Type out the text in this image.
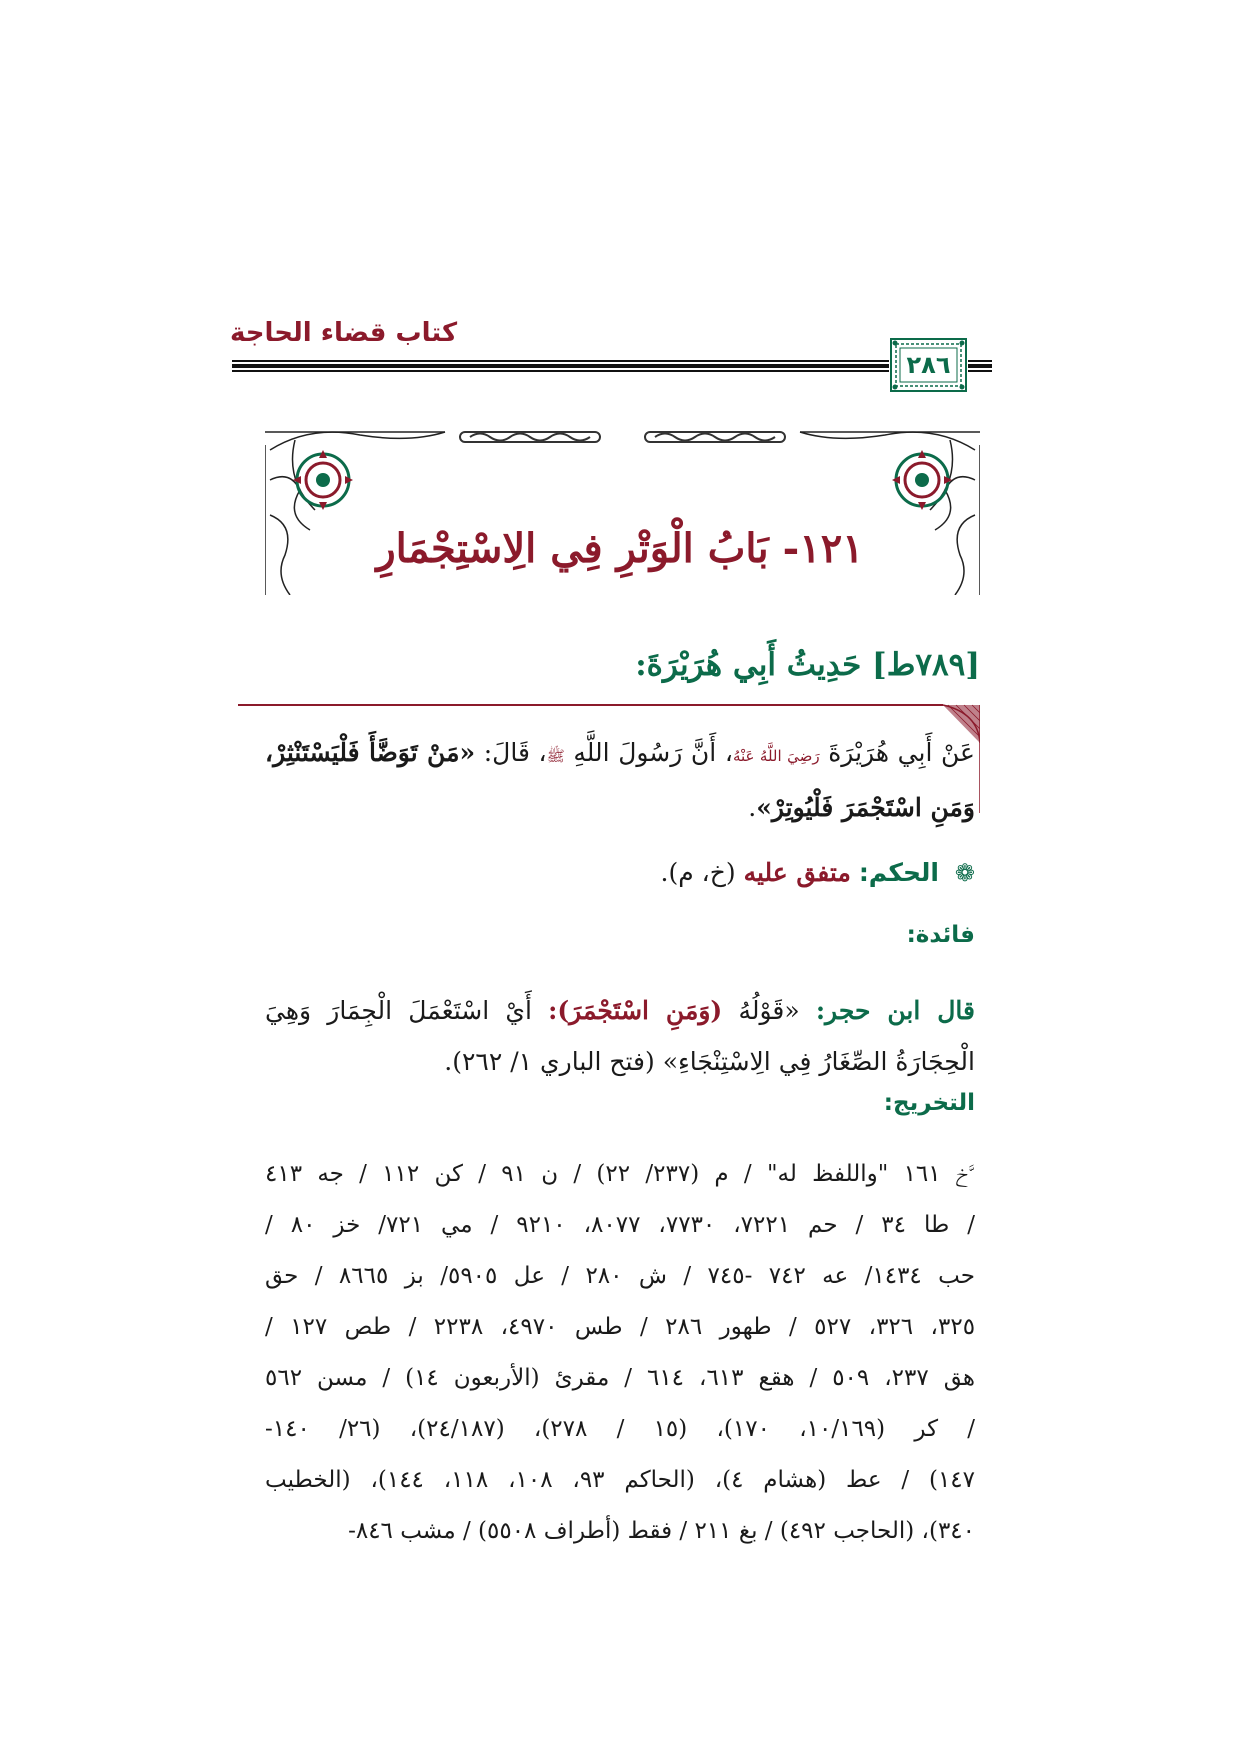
كتاب قضاء الحاجة
٢٨٦
١٢١- بَابُ الْوَتْرِ فِي الِاسْتِجْمَارِ
[٧٨٩ط] حَدِيثُ أَبِي هُرَيْرَةَ:
عَنْ أَبِي هُرَيْرَةَ رَضِيَ اللَّهُ عَنْهُ، أَنَّ رَسُولَ اللَّهِ ﷺ، قَالَ: «مَنْ تَوَضَّأَ فَلْيَسْتَنْثِرْ، وَمَنِ اسْتَجْمَرَ فَلْيُوتِرْ».
❁ الحكم: متفق عليه (خ، م).
فائدة:
قال ابن حجر: «قَوْلُهُ (وَمَنِ اسْتَجْمَرَ): أَيْ اسْتَعْمَلَ الْجِمَارَ وَهِيَ الْحِجَارَةُ الصِّغَارُ فِي الِاسْتِنْجَاءِ» (فتح الباري ١/ ٢٦٢).
التخريج:
ﱠخ ١٦١ "واللفظ له" / م (٢٣٧/ ٢٢) / ن ٩١ / كن ١١٢ / جه ٤١٣
/ طا ٣٤ / حم ٧٢٢١، ٧٧٣٠، ٨٠٧٧، ٩٢١٠ / مي ٧٢١/ خز ٨٠ /
حب ١٤٣٤/ عه ٧٤٢ -٧٤٥ / ش ٢٨٠ / عل ٥٩٠٥/ بز ٨٦٦٥ / حق
٣٢٥، ٣٢٦، ٥٢٧ / طهور ٢٨٦ / طس ٤٩٧٠، ٢٢٣٨ / طص ١٢٧ /
هق ٢٣٧، ٥٠٩ / هقع ٦١٣، ٦١٤ / مقرئ (الأربعون ١٤) / مسن ٥٦٢
/ كر (١٠/١٦٩، ١٧٠)، (١٥ / ٢٧٨)، (٢٤/١٨٧)، (٢٦/ ١٤٠-
١٤٧) / عط (هشام ٤)، (الحاكم ٩٣، ١٠٨، ١١٨، ١٤٤)، (الخطيب
٣٤٠)، (الحاجب ٤٩٢) / بغ ٢١١ / فقط (أطراف ٥٥٠٨) / مشب ٨٤٦-
